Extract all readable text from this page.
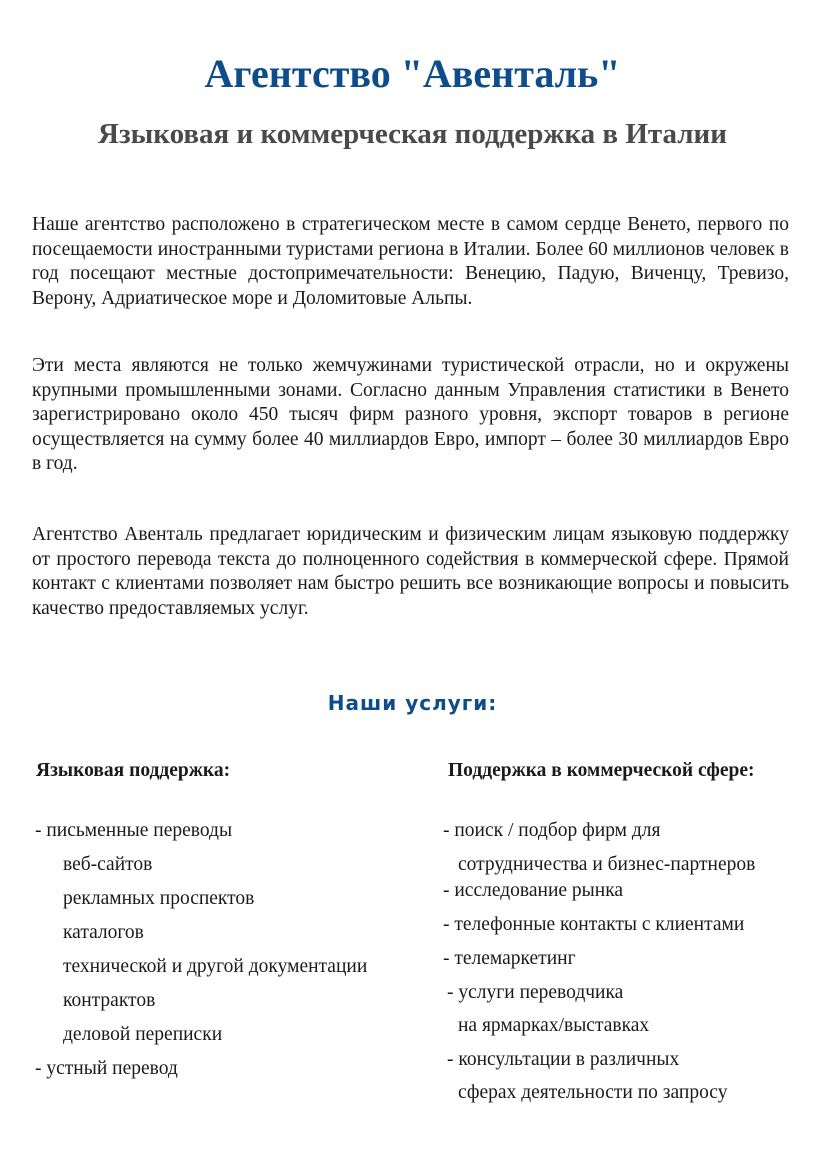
Агентство "Авенталь"
Языковая и коммерческая поддержка в Италии

Наше агентство расположено в стратегическом месте в самом сердце Венето, первого по посещаемости иностранными туристами региона в Италии. Более 60 миллионов человек в год посещают местные достопримечательности: Венецию, Падую, Виченцу, Тревизо, Верону, Адриатическое море и Доломитовые Альпы.

Эти места являются не только жемчужинами туристической отрасли, но и окружены крупными промышленными зонами. Согласно данным Управления статистики в Венето зарегистрировано около 450 тысяч фирм разного уровня, экспорт товаров в регионе осуществляется на сумму более 40 миллиардов Евро, импорт – более 30 миллиардов Евро в год.

Агентство Авенталь предлагает юридическим и физическим лицам языковую поддержку от простого перевода текста до полноценного содействия в коммерческой сфере. Прямой контакт с клиентами позволяет нам быстро решить все возникающие вопросы и повысить качество предоставляемых услуг.

Наши услуги:
Языковая поддержка:
- письменные переводы
веб-сайтов
рекламных проспектов
каталогов
технической и другой документации
контрактов
деловой переписки
- устный перевод
Поддержка в коммерческой сфере:
- поиск / подбор фирм для
сотрудничества и бизнес-партнеров
- исследование рынка
- телефонные контакты с клиентами
- телемаркетинг
- услуги переводчика
на ярмарках/выставках
- консультации в различных
сферах деятельности по запросу
